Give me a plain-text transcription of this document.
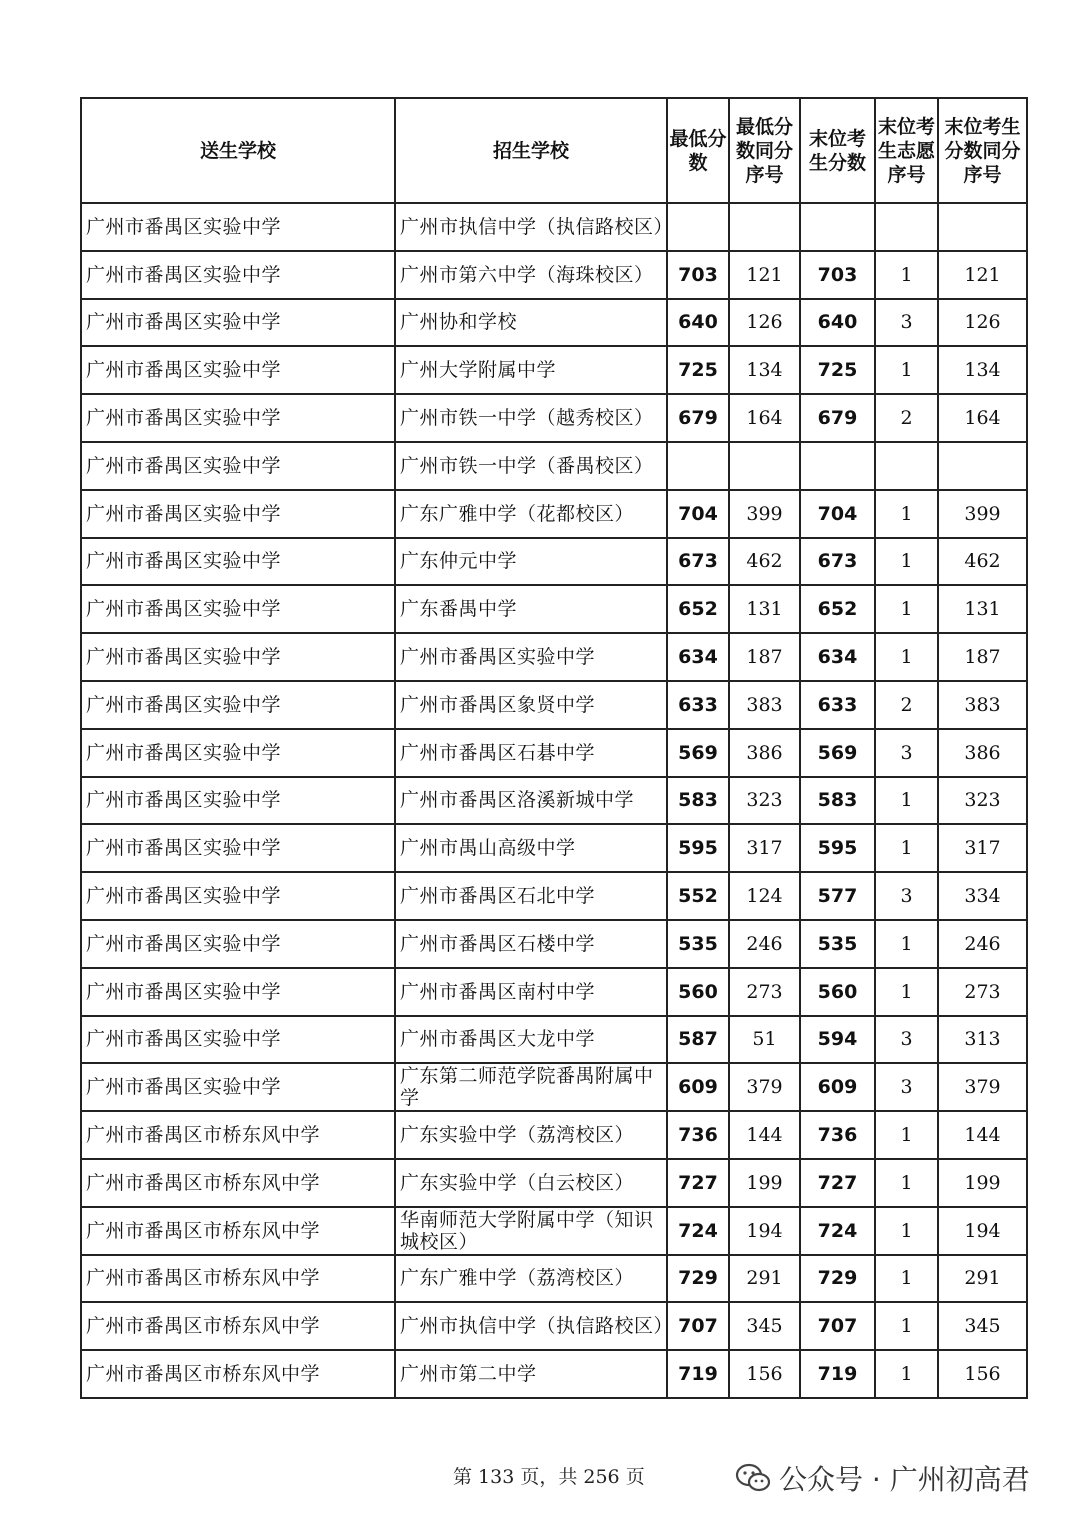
送生学校	招生学校	最低分数	最低分数同分序号	末位考生分数	末位考生志愿序号	末位考生分数同分序号
广州市番禺区实验中学	广州市执信中学（执信路校区）					
广州市番禺区实验中学	广州市第六中学（海珠校区）	703	121	703	1	121
广州市番禺区实验中学	广州协和学校	640	126	640	3	126
广州市番禺区实验中学	广州大学附属中学	725	134	725	1	134
广州市番禺区实验中学	广州市铁一中学（越秀校区）	679	164	679	2	164
广州市番禺区实验中学	广州市铁一中学（番禺校区）					
广州市番禺区实验中学	广东广雅中学（花都校区）	704	399	704	1	399
广州市番禺区实验中学	广东仲元中学	673	462	673	1	462
广州市番禺区实验中学	广东番禺中学	652	131	652	1	131
广州市番禺区实验中学	广州市番禺区实验中学	634	187	634	1	187
广州市番禺区实验中学	广州市番禺区象贤中学	633	383	633	2	383
广州市番禺区实验中学	广州市番禺区石碁中学	569	386	569	3	386
广州市番禺区实验中学	广州市番禺区洛溪新城中学	583	323	583	1	323
广州市番禺区实验中学	广州市禺山高级中学	595	317	595	1	317
广州市番禺区实验中学	广州市番禺区石北中学	552	124	577	3	334
广州市番禺区实验中学	广州市番禺区石楼中学	535	246	535	1	246
广州市番禺区实验中学	广州市番禺区南村中学	560	273	560	1	273
广州市番禺区实验中学	广州市番禺区大龙中学	587	51	594	3	313
广州市番禺区实验中学	广东第二师范学院番禺附属中学	609	379	609	3	379
广州市番禺区市桥东风中学	广东实验中学（荔湾校区）	736	144	736	1	144
广州市番禺区市桥东风中学	广东实验中学（白云校区）	727	199	727	1	199
广州市番禺区市桥东风中学	华南师范大学附属中学（知识城校区）	724	194	724	1	194
广州市番禺区市桥东风中学	广东广雅中学（荔湾校区）	729	291	729	1	291
广州市番禺区市桥东风中学	广州市执信中学（执信路校区）	707	345	707	1	345
广州市番禺区市桥东风中学	广州市第二中学	719	156	719	1	156
第 133 页，共 256 页	公众号 · 广州初高君
